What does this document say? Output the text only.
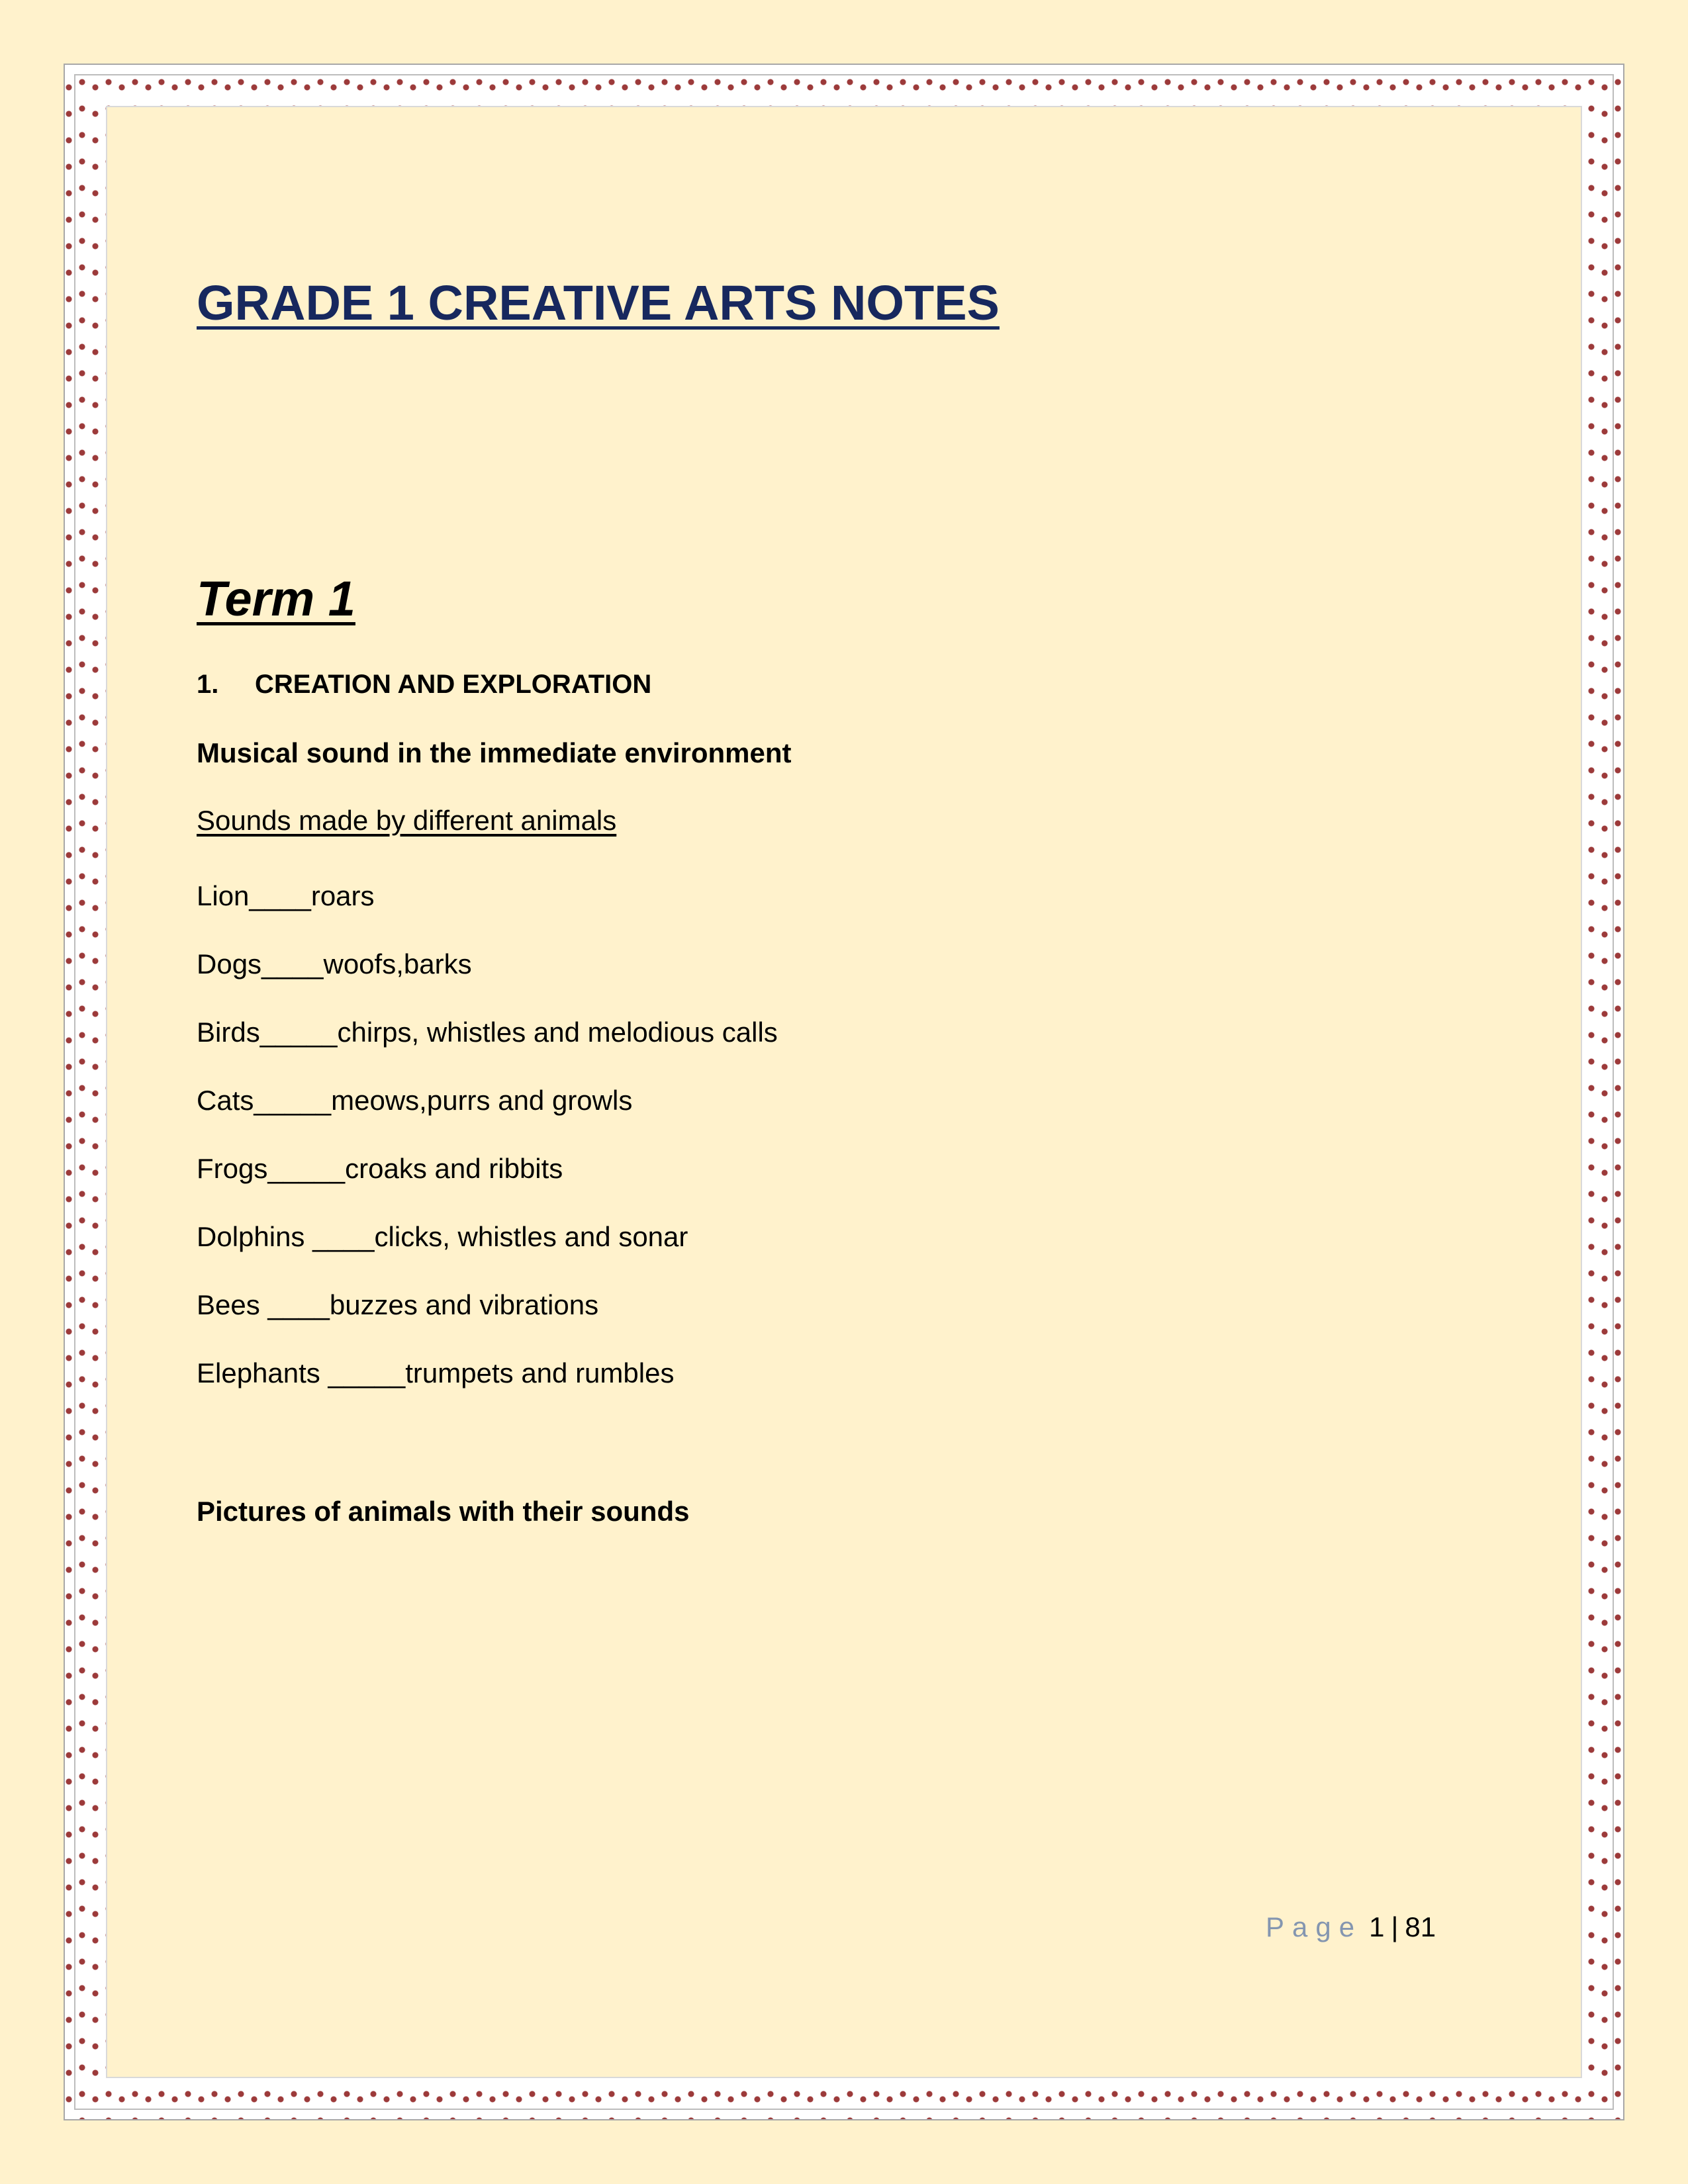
GRADE 1 CREATIVE ARTS NOTES
Term 1
1. CREATION AND EXPLORATION
Musical sound in the immediate environment
Sounds made by different animals
Lion____roars
Dogs____woofs,barks
Birds_____chirps, whistles and melodious calls
Cats_____meows,purrs and growls
Frogs_____croaks and ribbits
Dolphins ____clicks, whistles and sonar
Bees ____buzzes and vibrations
Elephants _____trumpets and rumbles
Pictures of animals with their sounds
Page 1 | 81
